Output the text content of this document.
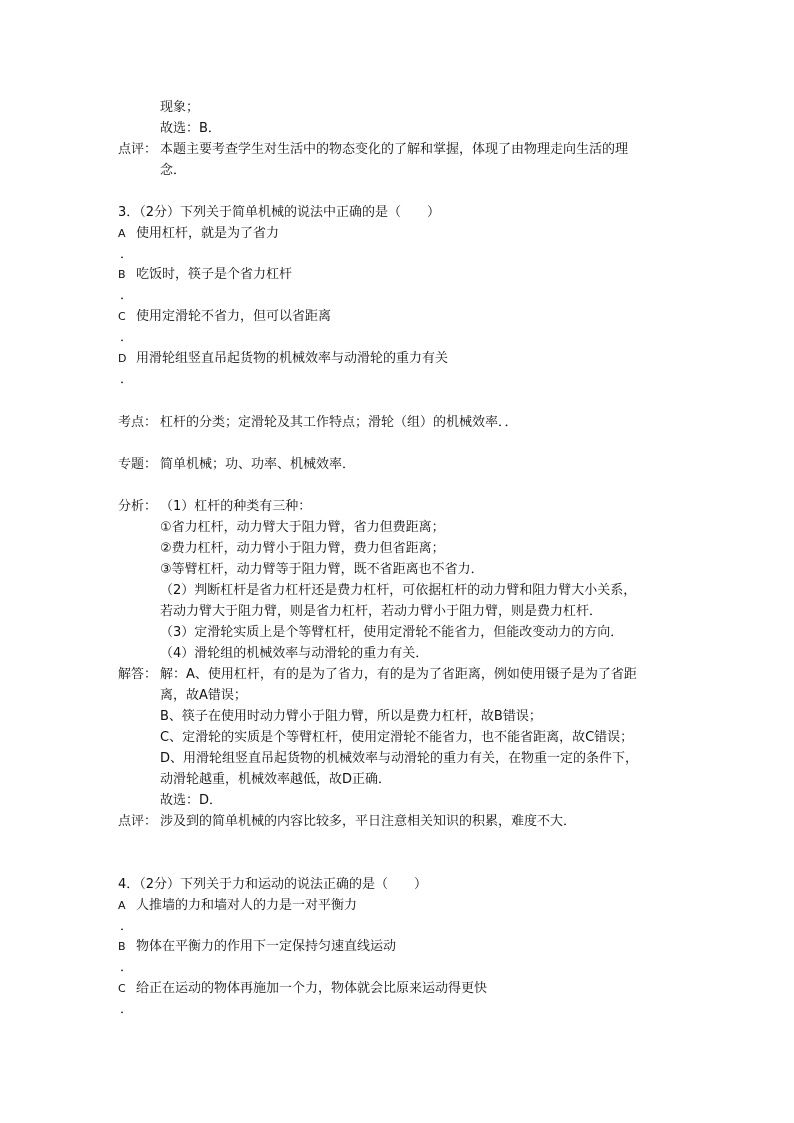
现象；
故选：B．
点评： 本题主要考查学生对生活中的物态变化的了解和掌握，体现了由物理走向生活的理
念．
3．（2分）下列关于简单机械的说法中正确的是（　　）
A 使用杠杆，就是为了省力
．
B 吃饭时，筷子是个省力杠杆
．
C 使用定滑轮不省力，但可以省距离
．
D 用滑轮组竖直吊起货物的机械效率与动滑轮的重力有关
．
考点： 杠杆的分类；定滑轮及其工作特点；滑轮（组）的机械效率．．
专题： 简单机械；功、功率、机械效率．
分析： （1）杠杆的种类有三种：
①省力杠杆，动力臂大于阻力臂，省力但费距离；
②费力杠杆，动力臂小于阻力臂，费力但省距离；
③等臂杠杆，动力臂等于阻力臂，既不省距离也不省力．
（2）判断杠杆是省力杠杆还是费力杠杆，可依据杠杆的动力臂和阻力臂大小关系，
若动力臂大于阻力臂，则是省力杠杆，若动力臂小于阻力臂，则是费力杠杆．
（3）定滑轮实质上是个等臂杠杆，使用定滑轮不能省力，但能改变动力的方向．
（4）滑轮组的机械效率与动滑轮的重力有关．
解答： 解：A、使用杠杆，有的是为了省力，有的是为了省距离，例如使用镊子是为了省距
离，故A错误；
B、筷子在使用时动力臂小于阻力臂，所以是费力杠杆，故B错误；
C、定滑轮的实质是个等臂杠杆，使用定滑轮不能省力，也不能省距离，故C错误；
D、用滑轮组竖直吊起货物的机械效率与动滑轮的重力有关，在物重一定的条件下，
动滑轮越重，机械效率越低，故D正确．
故选：D．
点评： 涉及到的简单机械的内容比较多，平日注意相关知识的积累，难度不大．
4．（2分）下列关于力和运动的说法正确的是（　　）
A 人推墙的力和墙对人的力是一对平衡力
．
B 物体在平衡力的作用下一定保持匀速直线运动
．
C 给正在运动的物体再施加一个力，物体就会比原来运动得更快
．
